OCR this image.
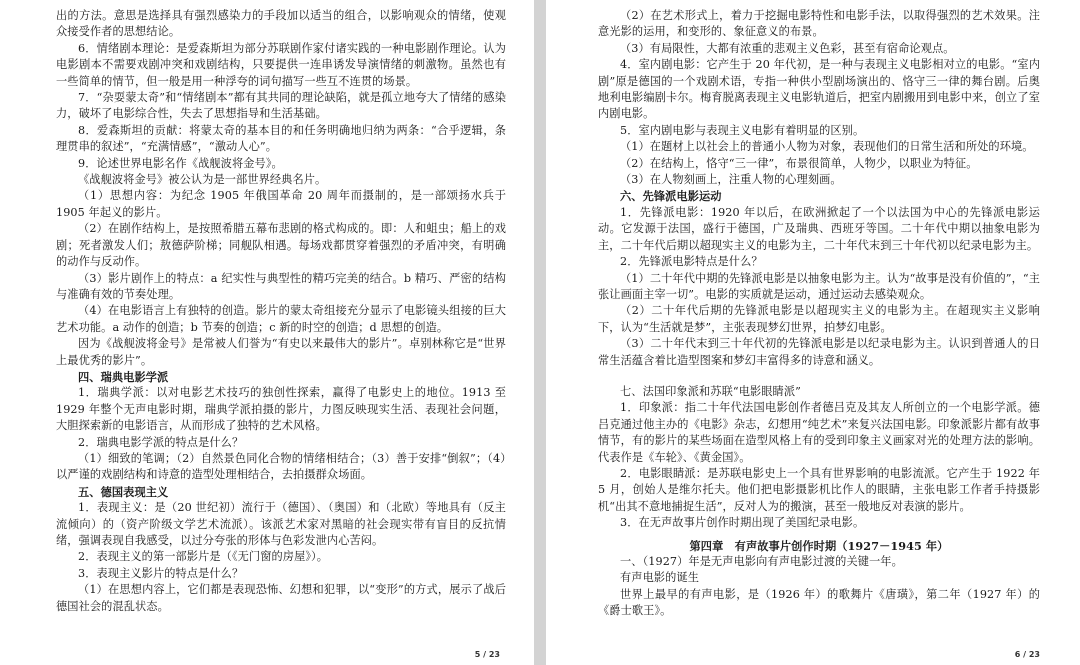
出的方法。意思是选择具有强烈感染力的手段加以适当的组合，以影响观众的情绪，使观众接受作者的思想结论。

6．情绪剧本理论：是爱森斯坦为部分苏联剧作家付诸实践的一种电影剧作理论。认为电影剧本不需要戏剧冲突和戏剧结构，只要提供一连串诱发导演情绪的刺激物。虽然也有一些简单的情节，但一般是用一种浮夸的词句描写一些互不连贯的场景。

7．“杂耍蒙太奇”和“情绪剧本”都有其共同的理论缺陷，就是孤立地夸大了情绪的感染力，破坏了电影综合性，失去了思想指导和生活基础。

8．爱森斯坦的贡献：将蒙太奇的基本目的和任务明确地归纳为两条：“合乎逻辑，条理贯串的叙述”，“充满情感”，“激动人心”。

9．论述世界电影名作《战舰波将金号》。

《战舰波将金号》被公认为是一部世界经典名片。

（1）思想内容：为纪念 1905 年俄国革命 20 周年而摄制的，是一部颂扬水兵于 1905 年起义的影片。

（2）在剧作结构上，是按照希腊五幕布悲剧的格式构成的。即：人和蛆虫；船上的戏剧；死者激发人们；敖德萨阶梯；同舰队相遇。每场戏都贯穿着强烈的矛盾冲突，有明确的动作与反动作。

（3）影片剧作上的特点：a 纪实性与典型性的精巧完美的结合。b 精巧、严密的结构与准确有效的节奏处理。

（4）在电影语言上有独特的创造。影片的蒙太奇组接充分显示了电影镜头组接的巨大艺术功能。a 动作的创造；b 节奏的创造；c 新的时空的创造；d 思想的创造。

因为《战舰波将金号》是常被人们誉为“有史以来最伟大的影片”。卓别林称它是“世界上最优秀的影片”。

四、瑞典电影学派

1．瑞典学派：以对电影艺术技巧的独创性探索，赢得了电影史上的地位。1913 至 1929 年整个无声电影时期，瑞典学派拍摄的影片，力图反映现实生活、表现社会问题，大胆探索新的电影语言，从而形成了独特的艺术风格。

2．瑞典电影学派的特点是什么？

（1）细致的笔调；（2）自然景色同化合物的情绪相结合；（3）善于安排“倒叙”；（4）以严谨的戏剧结构和诗意的造型处理相结合，去拍摄群众场面。

五、德国表现主义

1．表现主义：是（20 世纪初）流行于（德国）、（奥国）和（北欧）等地具有（反主流倾向）的（资产阶级文学艺术流派）。该派艺术家对黑暗的社会现实带有盲目的反抗情绪，强调表现自我感受，以过分夸张的形体与色彩发泄内心苦闷。

2．表现主义的第一部影片是（《无门窗的房屋》）。

3．表现主义影片的特点是什么？

（1）在思想内容上，它们都是表现恐怖、幻想和犯罪，以“变形”的方式，展示了战后德国社会的混乱状态。

5 / 23

（2）在艺术形式上，着力于挖掘电影特性和电影手法，以取得强烈的艺术效果。注意光影的运用，和变形的、象征意义的布景。

（3）有局限性，大都有浓重的悲观主义色彩，甚至有宿命论观点。

4．室内剧电影：它产生于 20 年代初，是一种与表现主义电影相对立的电影。“室内剧”原是德国的一个戏剧术语，专指一种供小型剧场演出的、恪守三一律的舞台剧。后奥地利电影编剧卡尔。梅育脱离表现主义电影轨道后，把室内剧搬用到电影中来，创立了室内剧电影。

5．室内剧电影与表现主义电影有着明显的区别。

（1）在题材上以社会上的普通小人物为对象，表现他们的日常生活和所处的环境。

（2）在结构上，恪守“三一律”，布景很简单，人物少，以职业为特征。

（3）在人物刻画上，注重人物的心理刻画。

六、先锋派电影运动

1．先锋派电影：1920 年以后，在欧洲掀起了一个以法国为中心的先锋派电影运动。它发源于法国，盛行于德国，广及瑞典、西班牙等国。二十年代中期以抽象电影为主，二十年代后期以超现实主义的电影为主，二十年代末到三十年代初以纪录电影为主。

2．先锋派电影特点是什么？

（1）二十年代中期的先锋派电影是以抽象电影为主。认为“故事是没有价值的”，“主张让画面主宰一切”。电影的实质就是运动，通过运动去感染观众。

（2）二十年代后期的先锋派电影是以超现实主义的电影为主。在超现实主义影响下，认为“生活就是梦”，主张表现梦幻世界，拍梦幻电影。

（3）二十年代末到三十年代初的先锋派电影是以纪录电影为主。认识到普通人的日常生活蕴含着比造型图案和梦幻丰富得多的诗意和涵义。

七、法国印象派和苏联“电影眼睛派”

1．印象派：指二十年代法国电影创作者德吕克及其友人所创立的一个电影学派。德吕克通过他主办的《电影》杂志，幻想用“纯艺术”来复兴法国电影。印象派影片都有故事情节，有的影片的某些场面在造型风格上有的受到印象主义画家对光的处理方法的影响。代表作是《车轮》、《黄金国》。

2．电影眼睛派：是苏联电影史上一个具有世界影响的电影流派。它产生于 1922 年 5 月，创始人是维尔托夫。他们把电影摄影机比作人的眼睛，主张电影工作者手持摄影机“出其不意地捕捉生活”，反对人为的搬演，甚至一般地反对表演的影片。

3．在无声故事片创作时期出现了美国纪录电影。

第四章　有声故事片创作时期（1927－1945 年）

一、（1927）年是无声电影向有声电影过渡的关键一年。

有声电影的诞生

世界上最早的有声电影，是（1926 年）的歌舞片《唐璜》，第二年（1927 年）的《爵士歌王》。

6 / 23
